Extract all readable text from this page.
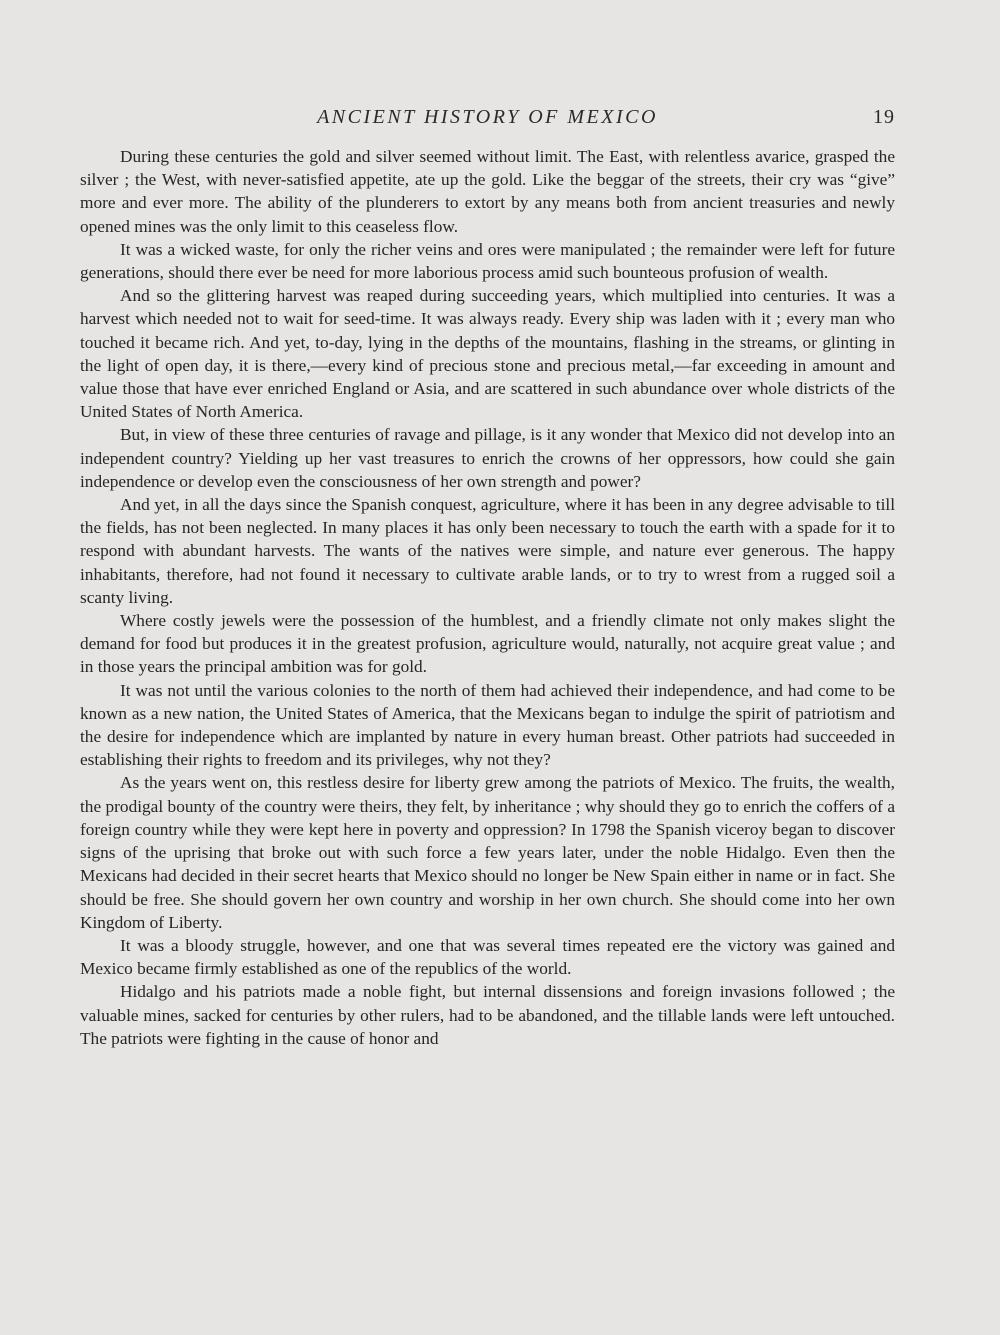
ANCIENT HISTORY OF MEXICO	19

During these centuries the gold and silver seemed without limit. The East, with relentless avarice, grasped the silver ; the West, with never-satisfied appetite, ate up the gold. Like the beggar of the streets, their cry was “give” more and ever more. The ability of the plunderers to extort by any means both from ancient treasuries and newly opened mines was the only limit to this ceaseless flow.

It was a wicked waste, for only the richer veins and ores were manipulated ; the remainder were left for future generations, should there ever be need for more laborious process amid such bounteous profusion of wealth.

And so the glittering harvest was reaped during succeeding years, which multiplied into centuries. It was a harvest which needed not to wait for seed-time. It was always ready. Every ship was laden with it ; every man who touched it became rich. And yet, to-day, lying in the depths of the mountains, flashing in the streams, or glinting in the light of open day, it is there,—every kind of precious stone and precious metal,—far exceeding in amount and value those that have ever enriched England or Asia, and are scattered in such abundance over whole districts of the United States of North America.

But, in view of these three centuries of ravage and pillage, is it any wonder that Mexico did not develop into an independent country? Yielding up her vast treasures to enrich the crowns of her oppressors, how could she gain independence or develop even the consciousness of her own strength and power?

And yet, in all the days since the Spanish conquest, agriculture, where it has been in any degree advisable to till the fields, has not been neglected. In many places it has only been necessary to touch the earth with a spade for it to respond with abundant harvests. The wants of the natives were simple, and nature ever generous. The happy inhabitants, therefore, had not found it necessary to cultivate arable lands, or to try to wrest from a rugged soil a scanty living.

Where costly jewels were the possession of the humblest, and a friendly climate not only makes slight the demand for food but produces it in the greatest profusion, agriculture would, naturally, not acquire great value ; and in those years the principal ambition was for gold.

It was not until the various colonies to the north of them had achieved their independence, and had come to be known as a new nation, the United States of America, that the Mexicans began to indulge the spirit of patriotism and the desire for independence which are implanted by nature in every human breast. Other patriots had succeeded in establishing their rights to freedom and its privileges, why not they?

As the years went on, this restless desire for liberty grew among the patriots of Mexico. The fruits, the wealth, the prodigal bounty of the country were theirs, they felt, by inheritance ; why should they go to enrich the coffers of a foreign country while they were kept here in poverty and oppression? In 1798 the Spanish viceroy began to discover signs of the uprising that broke out with such force a few years later, under the noble Hidalgo. Even then the Mexicans had decided in their secret hearts that Mexico should no longer be New Spain either in name or in fact. She should be free. She should govern her own country and worship in her own church. She should come into her own Kingdom of Liberty.

It was a bloody struggle, however, and one that was several times repeated ere the victory was gained and Mexico became firmly established as one of the republics of the world.

Hidalgo and his patriots made a noble fight, but internal dissensions and foreign invasions followed ; the valuable mines, sacked for centuries by other rulers, had to be abandoned, and the tillable lands were left untouched. The patriots were fighting in the cause of honor and
